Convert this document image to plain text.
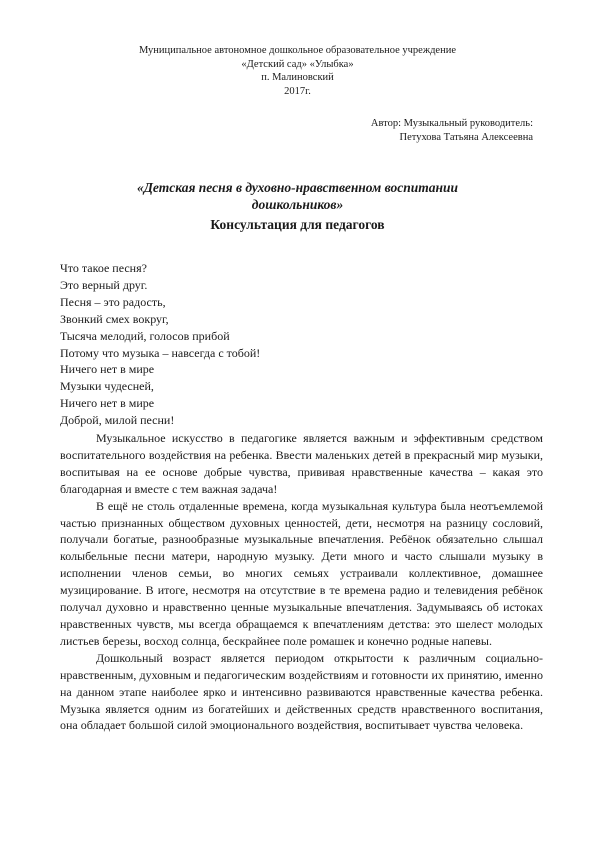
Муниципальное автономное дошкольное образовательное учреждение
«Детский сад» «Улыбка»
п. Малиновский
2017г.
Автор: Музыкальный руководитель:
Петухова Татьяна Алексеевна
«Детская песня в духовно-нравственном воспитании
дошкольников»
Консультация для педагогов
Что такое песня?
Это верный друг.
Песня – это радость,
Звонкий смех вокруг,
Тысяча мелодий, голосов прибой
Потому что музыка – навсегда с тобой!
Ничего нет в мире
Музыки чудесней,
Ничего нет в мире
Доброй, милой песни!

Музыкальное искусство в педагогике является важным и эффективным средством воспитательного воздействия на ребенка. Ввести маленьких детей в прекрасный мир музыки, воспитывая на ее основе добрые чувства, прививая нравственные качества – какая это благодарная и вместе с тем важная задача!

В ещё не столь отдаленные времена, когда музыкальная культура была неотъемлемой частью признанных обществом духовных ценностей, дети, несмотря на разницу сословий, получали богатые, разнообразные музыкальные впечатления. Ребёнок обязательно слышал колыбельные песни матери, народную музыку. Дети много и часто слышали музыку в исполнении членов семьи, во многих семьях устраивали коллективное, домашнее музицирование. В итоге, несмотря на отсутствие в те времена радио и телевидения ребёнок получал духовно и нравственно ценные музыкальные впечатления. Задумываясь об истоках нравственных чувств, мы всегда обращаемся к впечатлениям детства: это шелест молодых листьев березы, восход солнца, бескрайнее поле ромашек и конечно родные напевы.

Дошкольный возраст является периодом открытости к различным социально-нравственным, духовным и педагогическим воздействиям и готовности их принятию, именно на данном этапе наиболее ярко и интенсивно развиваются нравственные качества ребенка. Музыка является одним из богатейших и действенных средств нравственного воспитания, она обладает большой силой эмоционального воздействия, воспитывает чувства человека.
